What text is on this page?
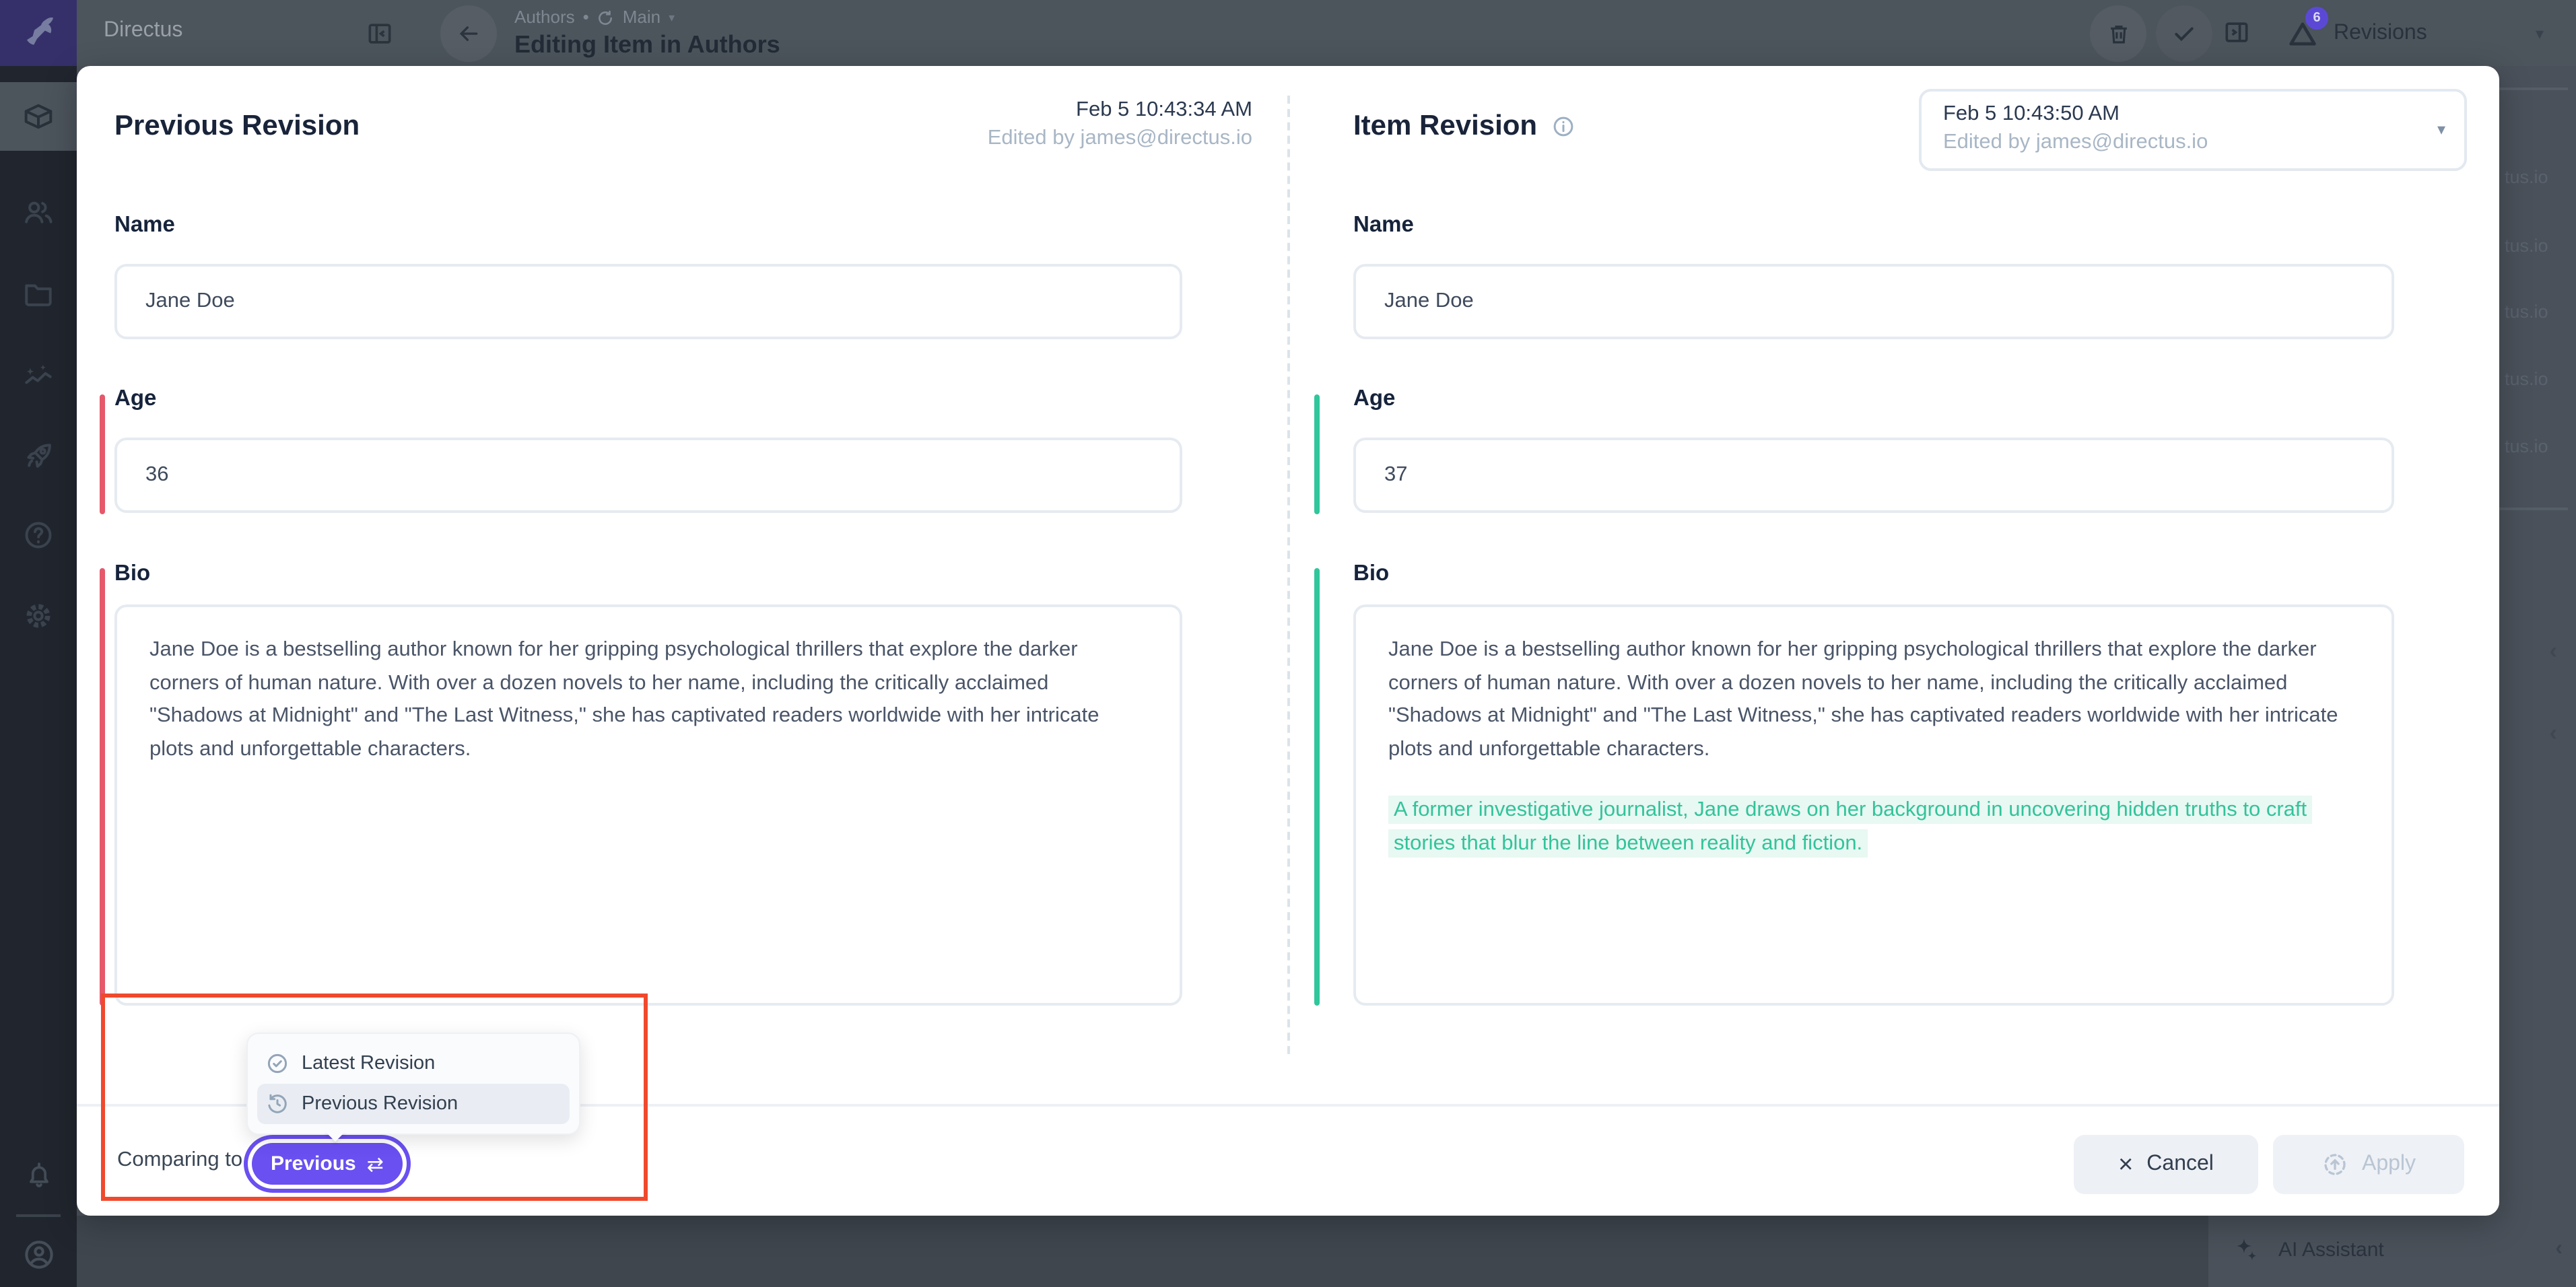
Directus
Authors •	Main ▾
Editing Item in Authors
6
Revisions	▾
tus.io
tus.io
tus.io
tus.io
tus.io
‹
‹
AI Assistant	‹
Previous Revision
Feb 5 10:43:34 AM
Edited by james@directus.io	Item Revision	Feb 5 10:43:50 AM
Edited by james@directus.io
▾
Name
Jane Doe
Age
36
Bio

Jane Doe is a bestselling author known for her gripping psychological thrillers that explore the darker corners of human nature. With over a dozen novels to her name, including the critically acclaimed "Shadows at Midnight" and "The Last Witness," she has captivated readers worldwide with her intricate plots and unforgettable characters.

Name
Jane Doe
Age
37
Bio

Jane Doe is a bestselling author known for her gripping psychological thrillers that explore the darker corners of human nature. With over a dozen novels to her name, including the critically acclaimed "Shadows at Midnight" and "The Last Witness," she has captivated readers worldwide with her intricate plots and unforgettable characters.

A former investigative journalist, Jane draws on her background in uncovering hidden truths to craft stories that blur the line between reality and fiction.

Comparing to	Previous ⇄	× Cancel	Apply
Latest Revision
Previous Revision
